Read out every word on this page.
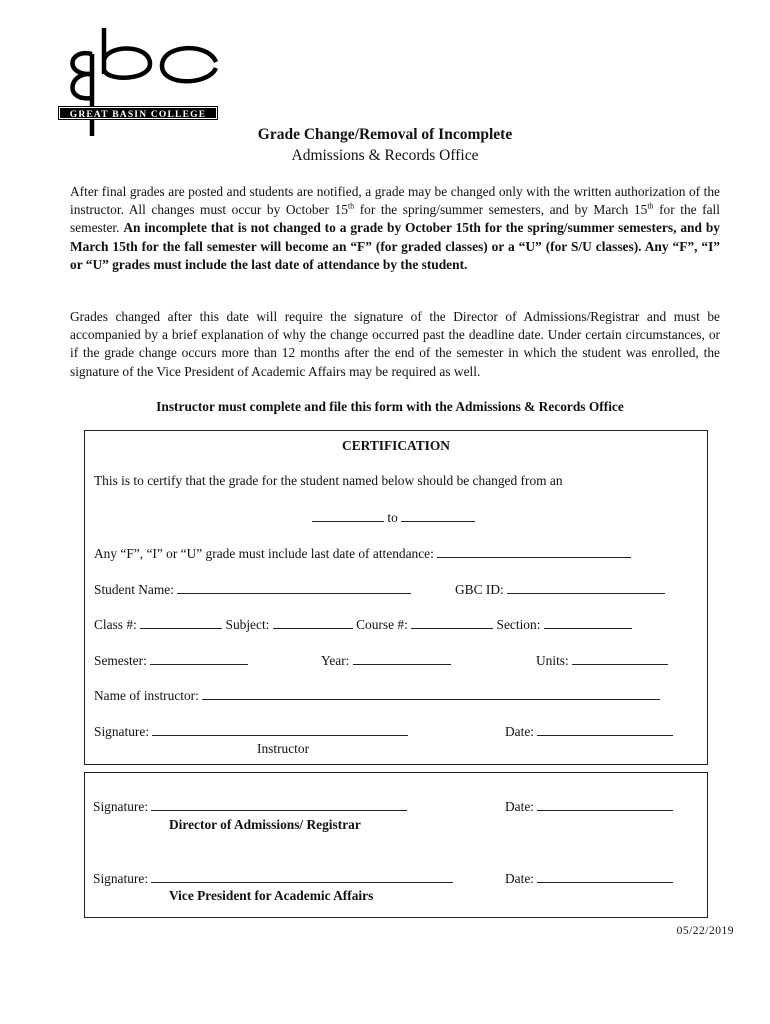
GREAT BASIN COLLEGE
Grade Change/Removal of Incomplete
Admissions & Records Office
After final grades are posted and students are notified, a grade may be changed only with the written authorization of the instructor. All changes must occur by October 15th for the spring/summer semesters, and by March 15th for the fall semester. An incomplete that is not changed to a grade by October 15th for the spring/summer semesters, and by March 15th for the fall semester will become an “F” (for graded classes) or a “U” (for S/U classes). Any “F”, “I” or “U” grades must include the last date of attendance by the student.
Grades changed after this date will require the signature of the Director of Admissions/Registrar and must be accompanied by a brief explanation of why the change occurred past the deadline date. Under certain circumstances, or if the grade change occurs more than 12 months after the end of the semester in which the student was enrolled, the signature of the Vice President of Academic Affairs may be required as well.
Instructor must complete and file this form with the Admissions & Records Office
CERTIFICATION
This is to certify that the grade for the student named below should be changed from an
to
Any “F”, “I” or “U” grade must include last date of attendance:
Student Name:	GBC ID:
Class #:	Subject:	Course #:	Section:
Semester:	Year:	Units:
Name of instructor:
Signature:	Date:
Instructor
Signature:	Date:
Director of Admissions/ Registrar
Signature:	Date:
Vice President for Academic Affairs
05/22/2019
